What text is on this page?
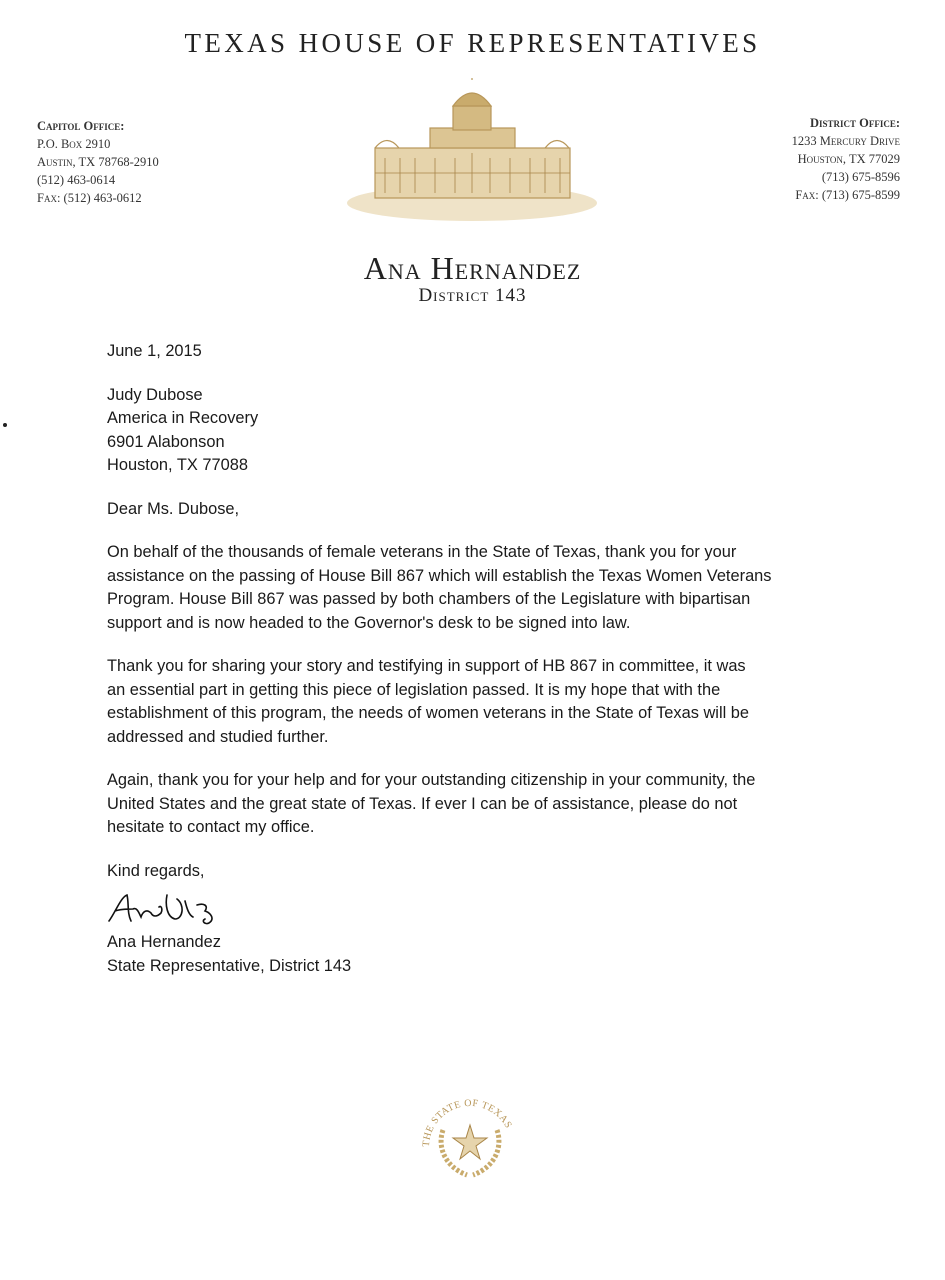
TEXAS HOUSE OF REPRESENTATIVES
Capitol Office:
P.O. Box 2910
Austin, TX 78768-2910
(512) 463-0614
Fax: (512) 463-0612
District Office:
1233 Mercury Drive
Houston, TX 77029
(713) 675-8596
Fax: (713) 675-8599
Ana Hernandez
District 143
June 1, 2015
Judy Dubose
America in Recovery
6901 Alabonson
Houston, TX 77088
Dear Ms. Dubose,
On behalf of the thousands of female veterans in the State of Texas, thank you for your
assistance on the passing of House Bill 867 which will establish the Texas Women Veterans
Program. House Bill 867 was passed by both chambers of the Legislature with bipartisan
support and is now headed to the Governor's desk to be signed into law.
Thank you for sharing your story and testifying in support of HB 867 in committee, it was
an essential part in getting this piece of legislation passed. It is my hope that with the
establishment of this program, the needs of women veterans in the State of Texas will be
addressed and studied further.
Again, thank you for your help and for your outstanding citizenship in your community, the
United States and the great state of Texas. If ever I can be of assistance, please do not
hesitate to contact my office.
Kind regards,
Ana Hernandez
State Representative, District 143
THE STATE OF TEXAS
